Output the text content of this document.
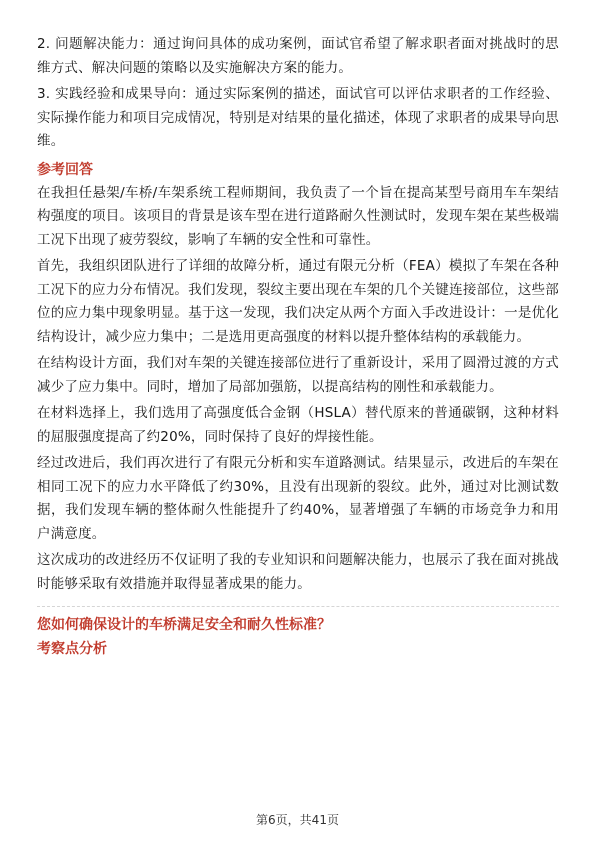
2. 问题解决能力：通过询问具体的成功案例，面试官希望了解求职者面对挑战时的思维方式、解决问题的策略以及实施解决方案的能力。

3. 实践经验和成果导向：通过实际案例的描述，面试官可以评估求职者的工作经验、实际操作能力和项目完成情况，特别是对结果的量化描述，体现了求职者的成果导向思维。

参考回答

在我担任悬架/车桥/车架系统工程师期间，我负责了一个旨在提高某型号商用车车架结构强度的项目。该项目的背景是该车型在进行道路耐久性测试时，发现车架在某些极端工况下出现了疲劳裂纹，影响了车辆的安全性和可靠性。

首先，我组织团队进行了详细的故障分析，通过有限元分析（FEA）模拟了车架在各种工况下的应力分布情况。我们发现，裂纹主要出现在车架的几个关键连接部位，这些部位的应力集中现象明显。基于这一发现，我们决定从两个方面入手改进设计：一是优化结构设计，减少应力集中；二是选用更高强度的材料以提升整体结构的承载能力。

在结构设计方面，我们对车架的关键连接部位进行了重新设计，采用了圆滑过渡的方式减少了应力集中。同时，增加了局部加强筋，以提高结构的刚性和承载能力。

在材料选择上，我们选用了高强度低合金钢（HSLA）替代原来的普通碳钢，这种材料的屈服强度提高了约20%，同时保持了良好的焊接性能。

经过改进后，我们再次进行了有限元分析和实车道路测试。结果显示，改进后的车架在相同工况下的应力水平降低了约30%，且没有出现新的裂纹。此外，通过对比测试数据，我们发现车辆的整体耐久性能提升了约40%，显著增强了车辆的市场竞争力和用户满意度。

这次成功的改进经历不仅证明了我的专业知识和问题解决能力，也展示了我在面对挑战时能够采取有效措施并取得显著成果的能力。

您如何确保设计的车桥满足安全和耐久性标准？

考察点分析

第6页，共41页
